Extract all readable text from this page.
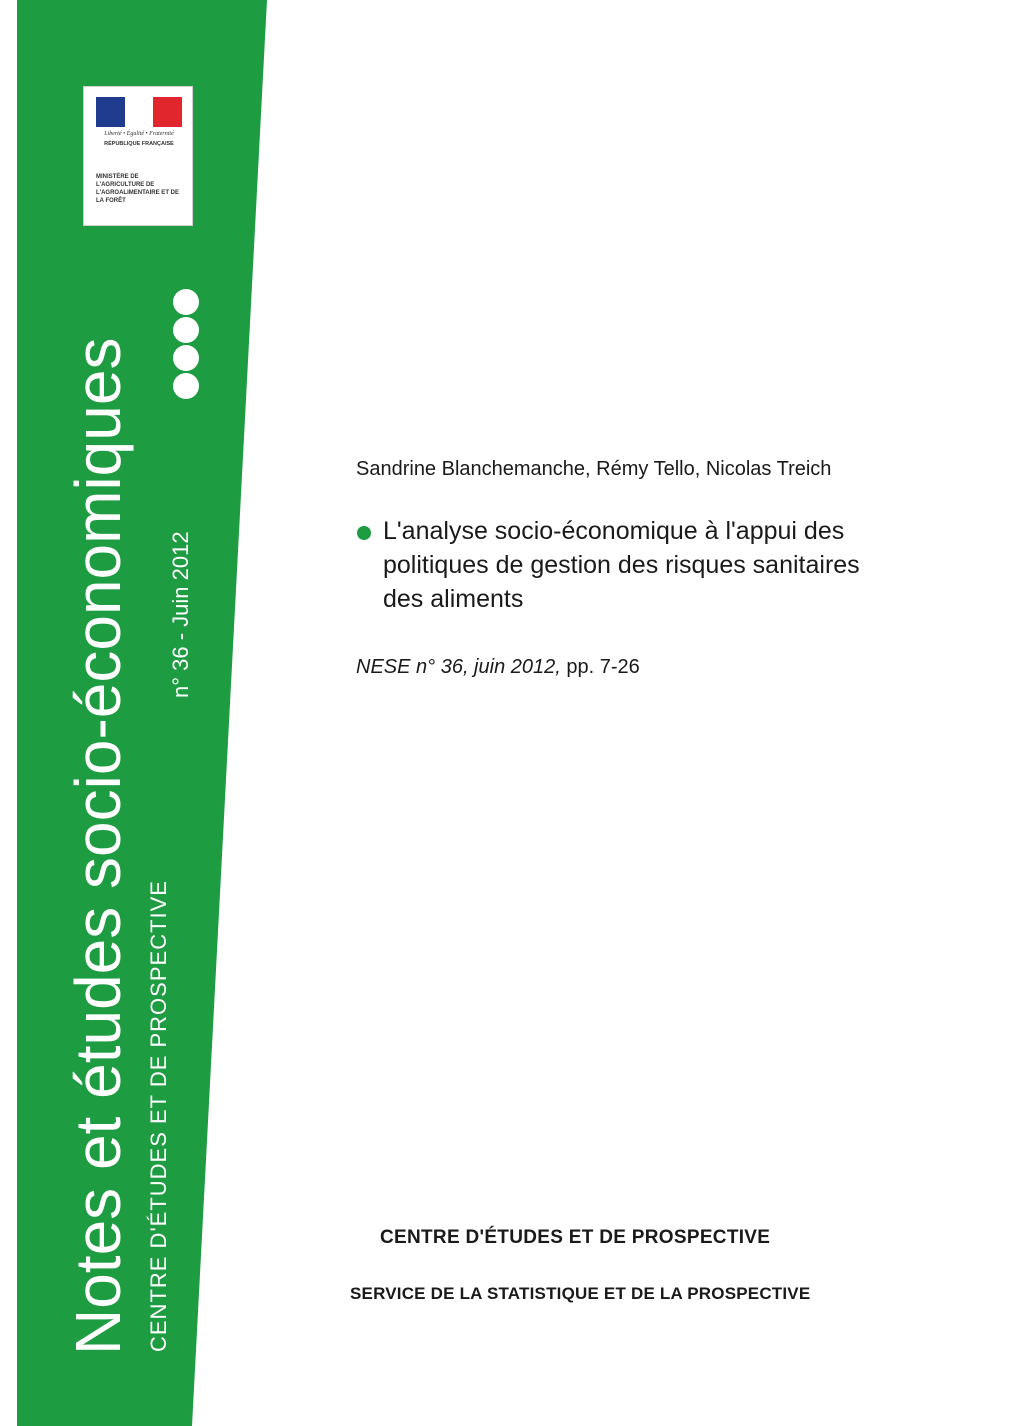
Liberté • Égalité • Fraternité
RÉPUBLIQUE FRANÇAISE
MINISTÈRE DE L'AGRICULTURE DE L'AGROALIMENTAIRE ET DE LA FORÊT
Notes et études socio-économiques CENTRE D'ÉTUDES ET DE PROSPECTIVE
n° 36 - Juin 2012
Sandrine Blanchemanche, Rémy Tello, Nicolas Treich
L'analyse socio-économique à l'appui des politiques de gestion des risques sanitaires des aliments
NESE n° 36, juin 2012, pp. 7-26
CENTRE D'ÉTUDES ET DE PROSPECTIVE
SERVICE DE LA STATISTIQUE ET DE LA PROSPECTIVE
